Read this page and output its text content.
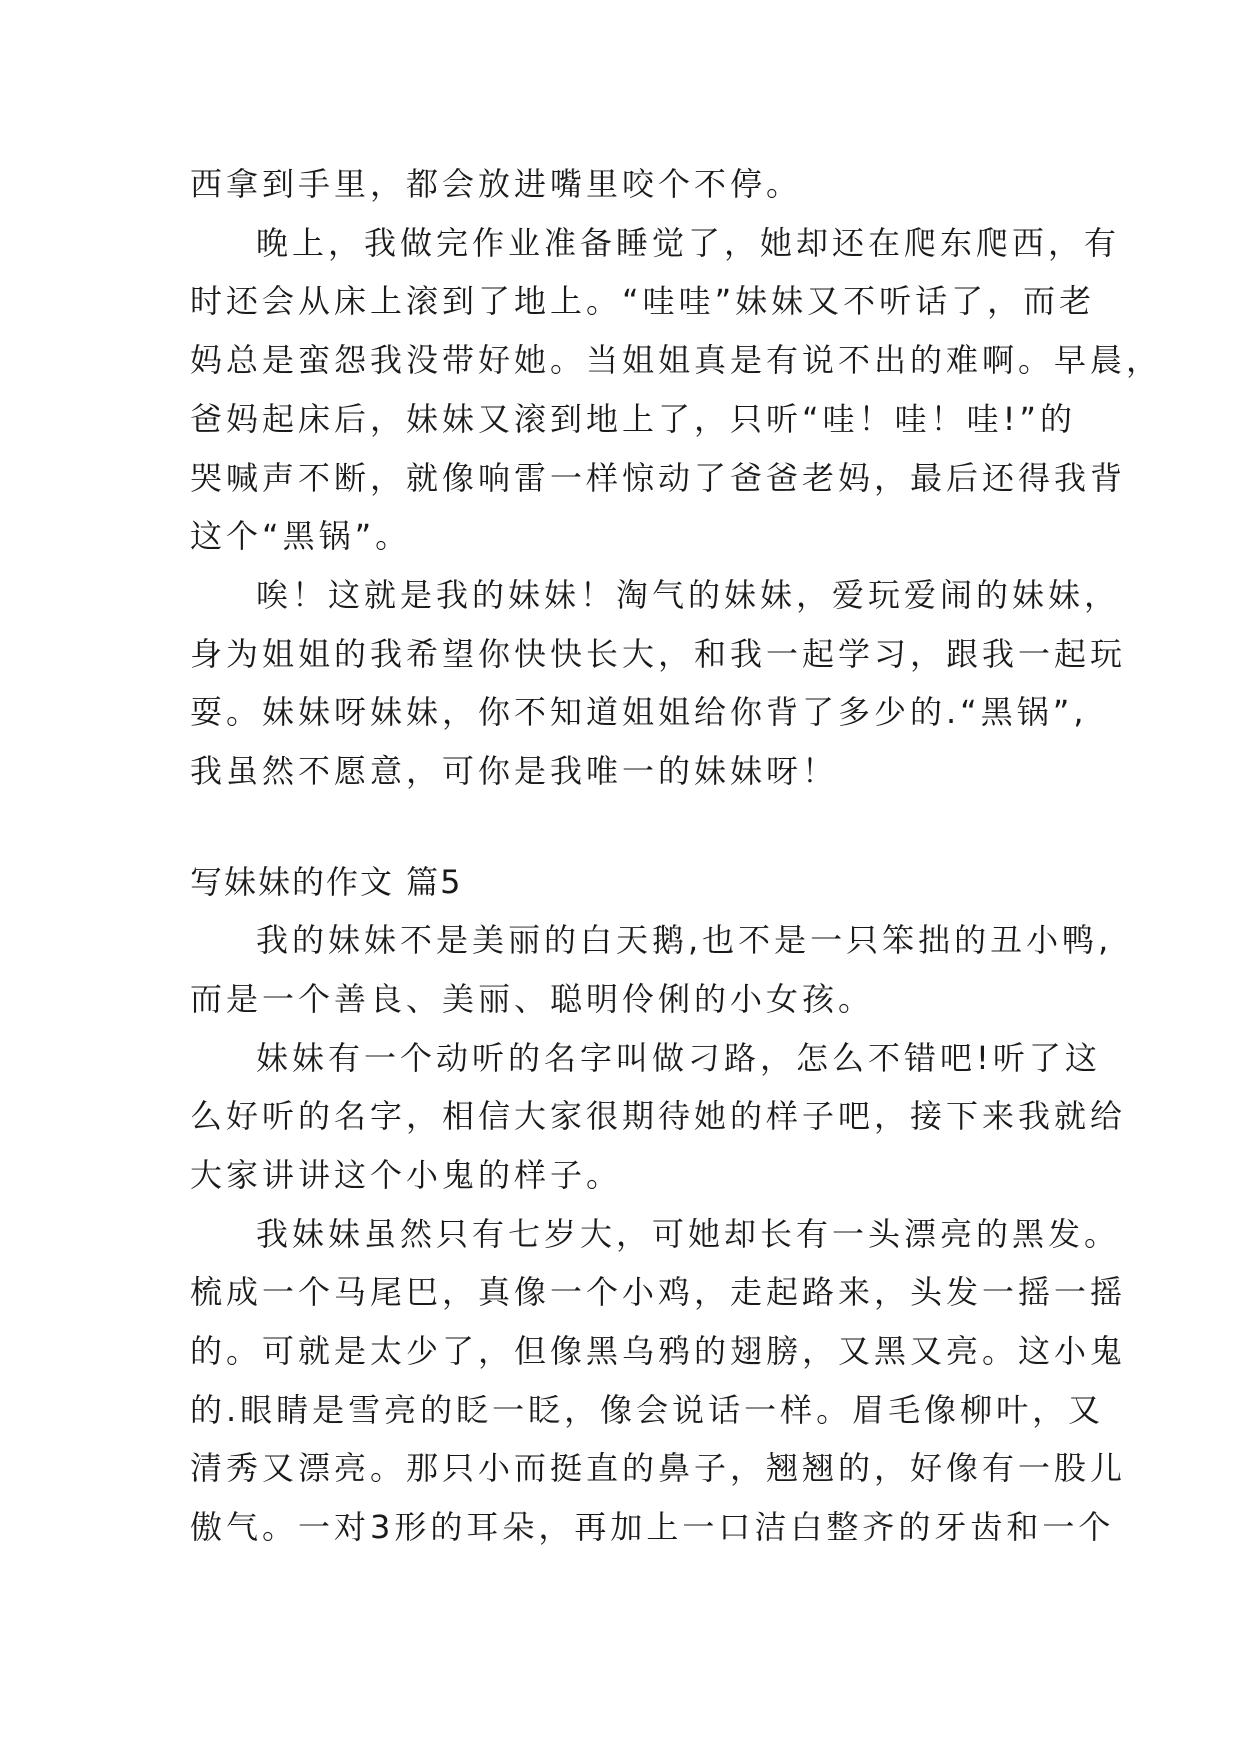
西拿到手里，都会放进嘴里咬个不停。
晚上，我做完作业准备睡觉了，她却还在爬东爬西，有
时还会从床上滚到了地上。“哇哇”妹妹又不听话了，而老
妈总是蛮怨我没带好她。当姐姐真是有说不出的难啊。早晨，
爸妈起床后，妹妹又滚到地上了，只听“哇！哇！哇!”的
哭喊声不断，就像响雷一样惊动了爸爸老妈，最后还得我背
这个“黑锅”。
唉！这就是我的妹妹！淘气的妹妹，爱玩爱闹的妹妹，
身为姐姐的我希望你快快长大，和我一起学习，跟我一起玩
耍。妹妹呀妹妹，你不知道姐姐给你背了多少的.“黑锅”,
我虽然不愿意，可你是我唯一的妹妹呀！
写妹妹的作文 篇5
我的妹妹不是美丽的白天鹅,也不是一只笨拙的丑小鸭,
而是一个善良、美丽、聪明伶俐的小女孩。
妹妹有一个动听的名字叫做刁路，怎么不错吧!听了这
么好听的名字，相信大家很期待她的样子吧，接下来我就给
大家讲讲这个小鬼的样子。
我妹妹虽然只有七岁大，可她却长有一头漂亮的黑发。
梳成一个马尾巴，真像一个小鸡，走起路来，头发一摇一摇
的。可就是太少了，但像黑乌鸦的翅膀，又黑又亮。这小鬼
的.眼睛是雪亮的眨一眨，像会说话一样。眉毛像柳叶，又
清秀又漂亮。那只小而挺直的鼻子，翘翘的，好像有一股儿
傲气。一对3形的耳朵，再加上一口洁白整齐的牙齿和一个
